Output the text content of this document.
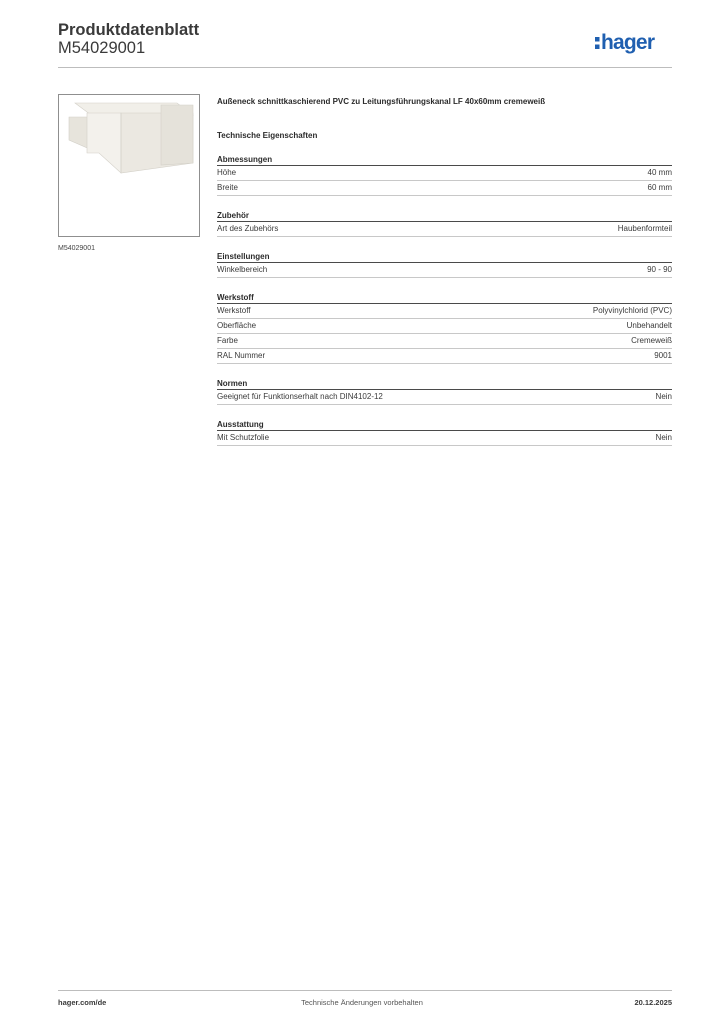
Produktdatenblatt
M54029001	hager
M54029001
Außeneck schnittkaschierend PVC zu Leitungsführungskanal LF 40x60mm cremeweiß
Technische Eigenschaften
Abmessungen
Höhe	40 mm
Breite	60 mm
Zubehör
Art des Zubehörs	Haubenformteil
Einstellungen
Winkelbereich	90 - 90
Werkstoff
Werkstoff	Polyvinylchlorid (PVC)
Oberfläche	Unbehandelt
Farbe	Cremeweiß
RAL Nummer	9001
Normen
Geeignet für Funktionserhalt nach DIN4102-12	Nein
Ausstattung
Mit Schutzfolie	Nein
hager.com/de	Technische Änderungen vorbehalten	20.12.2025
